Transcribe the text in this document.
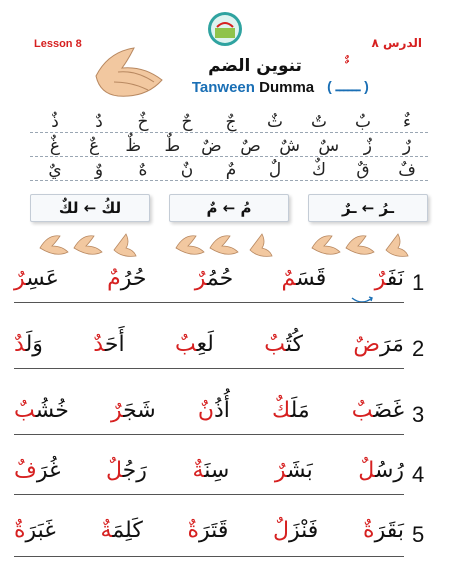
Lesson 8	الدرس ٨
تنوين الضم
Tanween Dumma
ٌ ٌ
( ــــــ )
ءٌ
بٌ
تٌ
ثٌ
جٌ
حٌ
خٌ
دٌ
ذٌ
رٌ
زٌ
سٌ
شٌ
صٌ
ضٌ
طٌ
ظٌ
عٌ
غٌ
فٌ
قٌ
كٌ
لٌ
مٌ
نٌ
هٌ
وٌ
يٌ
ـرُ ← ـرٌ
مُ ← مٌ
لكُ ← لكٌ
1
نَفَرٌ
قَسَمٌ
حُمُرٌ
حُرُمٌ
عَسِرٌ
2
مَرَضٌ
كُتُبٌ
لَعِبٌ
أَحَدٌ
وَلَدٌ
3
غَضَبٌ
مَلَكٌ
أُذُنٌ
شَجَرٌ
خُشُبٌ
4
رُسُلٌ
بَشَرٌ
سِنَةٌ
رَجُلٌ
غُرَفٌ
5
بَقَرَةٌ
فَنْزَلٌ
قَتَرَةٌ
كَلِمَةٌ
غَبَرَةٌ
